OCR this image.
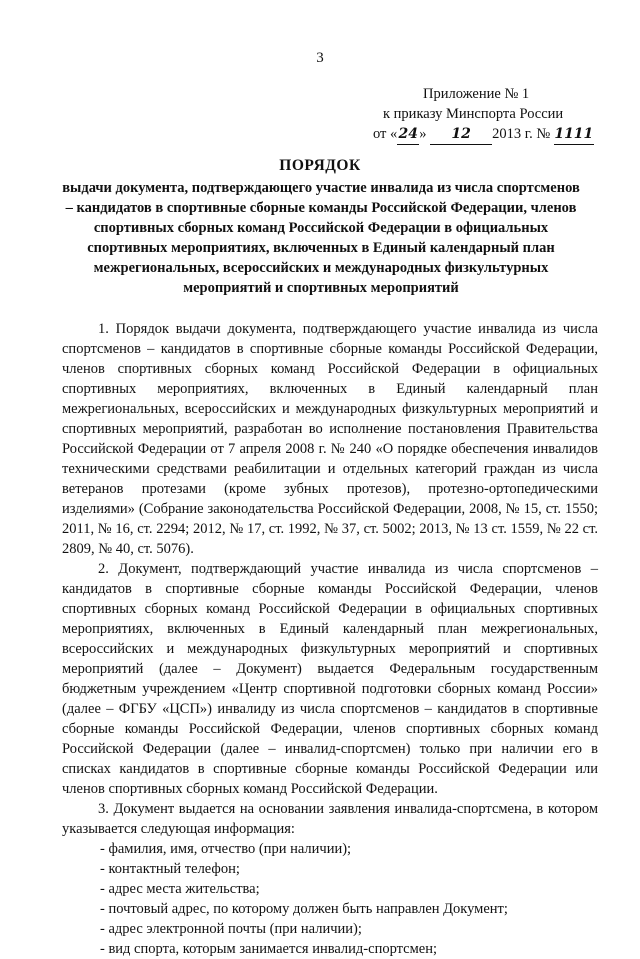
3
Приложение № 1
к приказу Минспорта России
от «24» 12 2013 г. № 1111
ПОРЯДОК
выдачи документа, подтверждающего участие инвалида из числа спортсменов – кандидатов в спортивные сборные команды Российской Федерации, членов спортивных сборных команд Российской Федерации в официальных спортивных мероприятиях, включенных в Единый календарный план межрегиональных, всероссийских и международных физкультурных мероприятий и спортивных мероприятий

1. Порядок выдачи документа, подтверждающего участие инвалида из числа спортсменов – кандидатов в спортивные сборные команды Российской Федерации, членов спортивных сборных команд Российской Федерации в официальных спортивных мероприятиях, включенных в Единый календарный план межрегиональных, всероссийских и международных физкультурных мероприятий и спортивных мероприятий, разработан во исполнение постановления Правительства Российской Федерации от 7 апреля 2008 г. № 240 «О порядке обеспечения инвалидов техническими средствами реабилитации и отдельных категорий граждан из числа ветеранов протезами (кроме зубных протезов), протезно-ортопедическими изделиями» (Собрание законодательства Российской Федерации, 2008, № 15, ст. 1550; 2011, № 16, ст. 2294; 2012, № 17, ст. 1992, № 37, ст. 5002; 2013, № 13 ст. 1559, № 22 ст. 2809, № 40, ст. 5076).

2. Документ, подтверждающий участие инвалида из числа спортсменов – кандидатов в спортивные сборные команды Российской Федерации, членов спортивных сборных команд Российской Федерации в официальных спортивных мероприятиях, включенных в Единый календарный план межрегиональных, всероссийских и международных физкультурных мероприятий и спортивных мероприятий (далее – Документ) выдается Федеральным государственным бюджетным учреждением «Центр спортивной подготовки сборных команд России» (далее – ФГБУ «ЦСП») инвалиду из числа спортсменов – кандидатов в спортивные сборные команды Российской Федерации, членов спортивных сборных команд Российской Федерации (далее – инвалид-спортсмен) только при наличии его в списках кандидатов в спортивные сборные команды Российской Федерации или членов спортивных сборных команд Российской Федерации.

3. Документ выдается на основании заявления инвалида-спортсмена, в котором указывается следующая информация:

- фамилия, имя, отчество (при наличии);
- контактный телефон;
- адрес места жительства;
- почтовый адрес, по которому должен быть направлен Документ;
- адрес электронной почты (при наличии);
- вид спорта, которым занимается инвалид-спортсмен;
